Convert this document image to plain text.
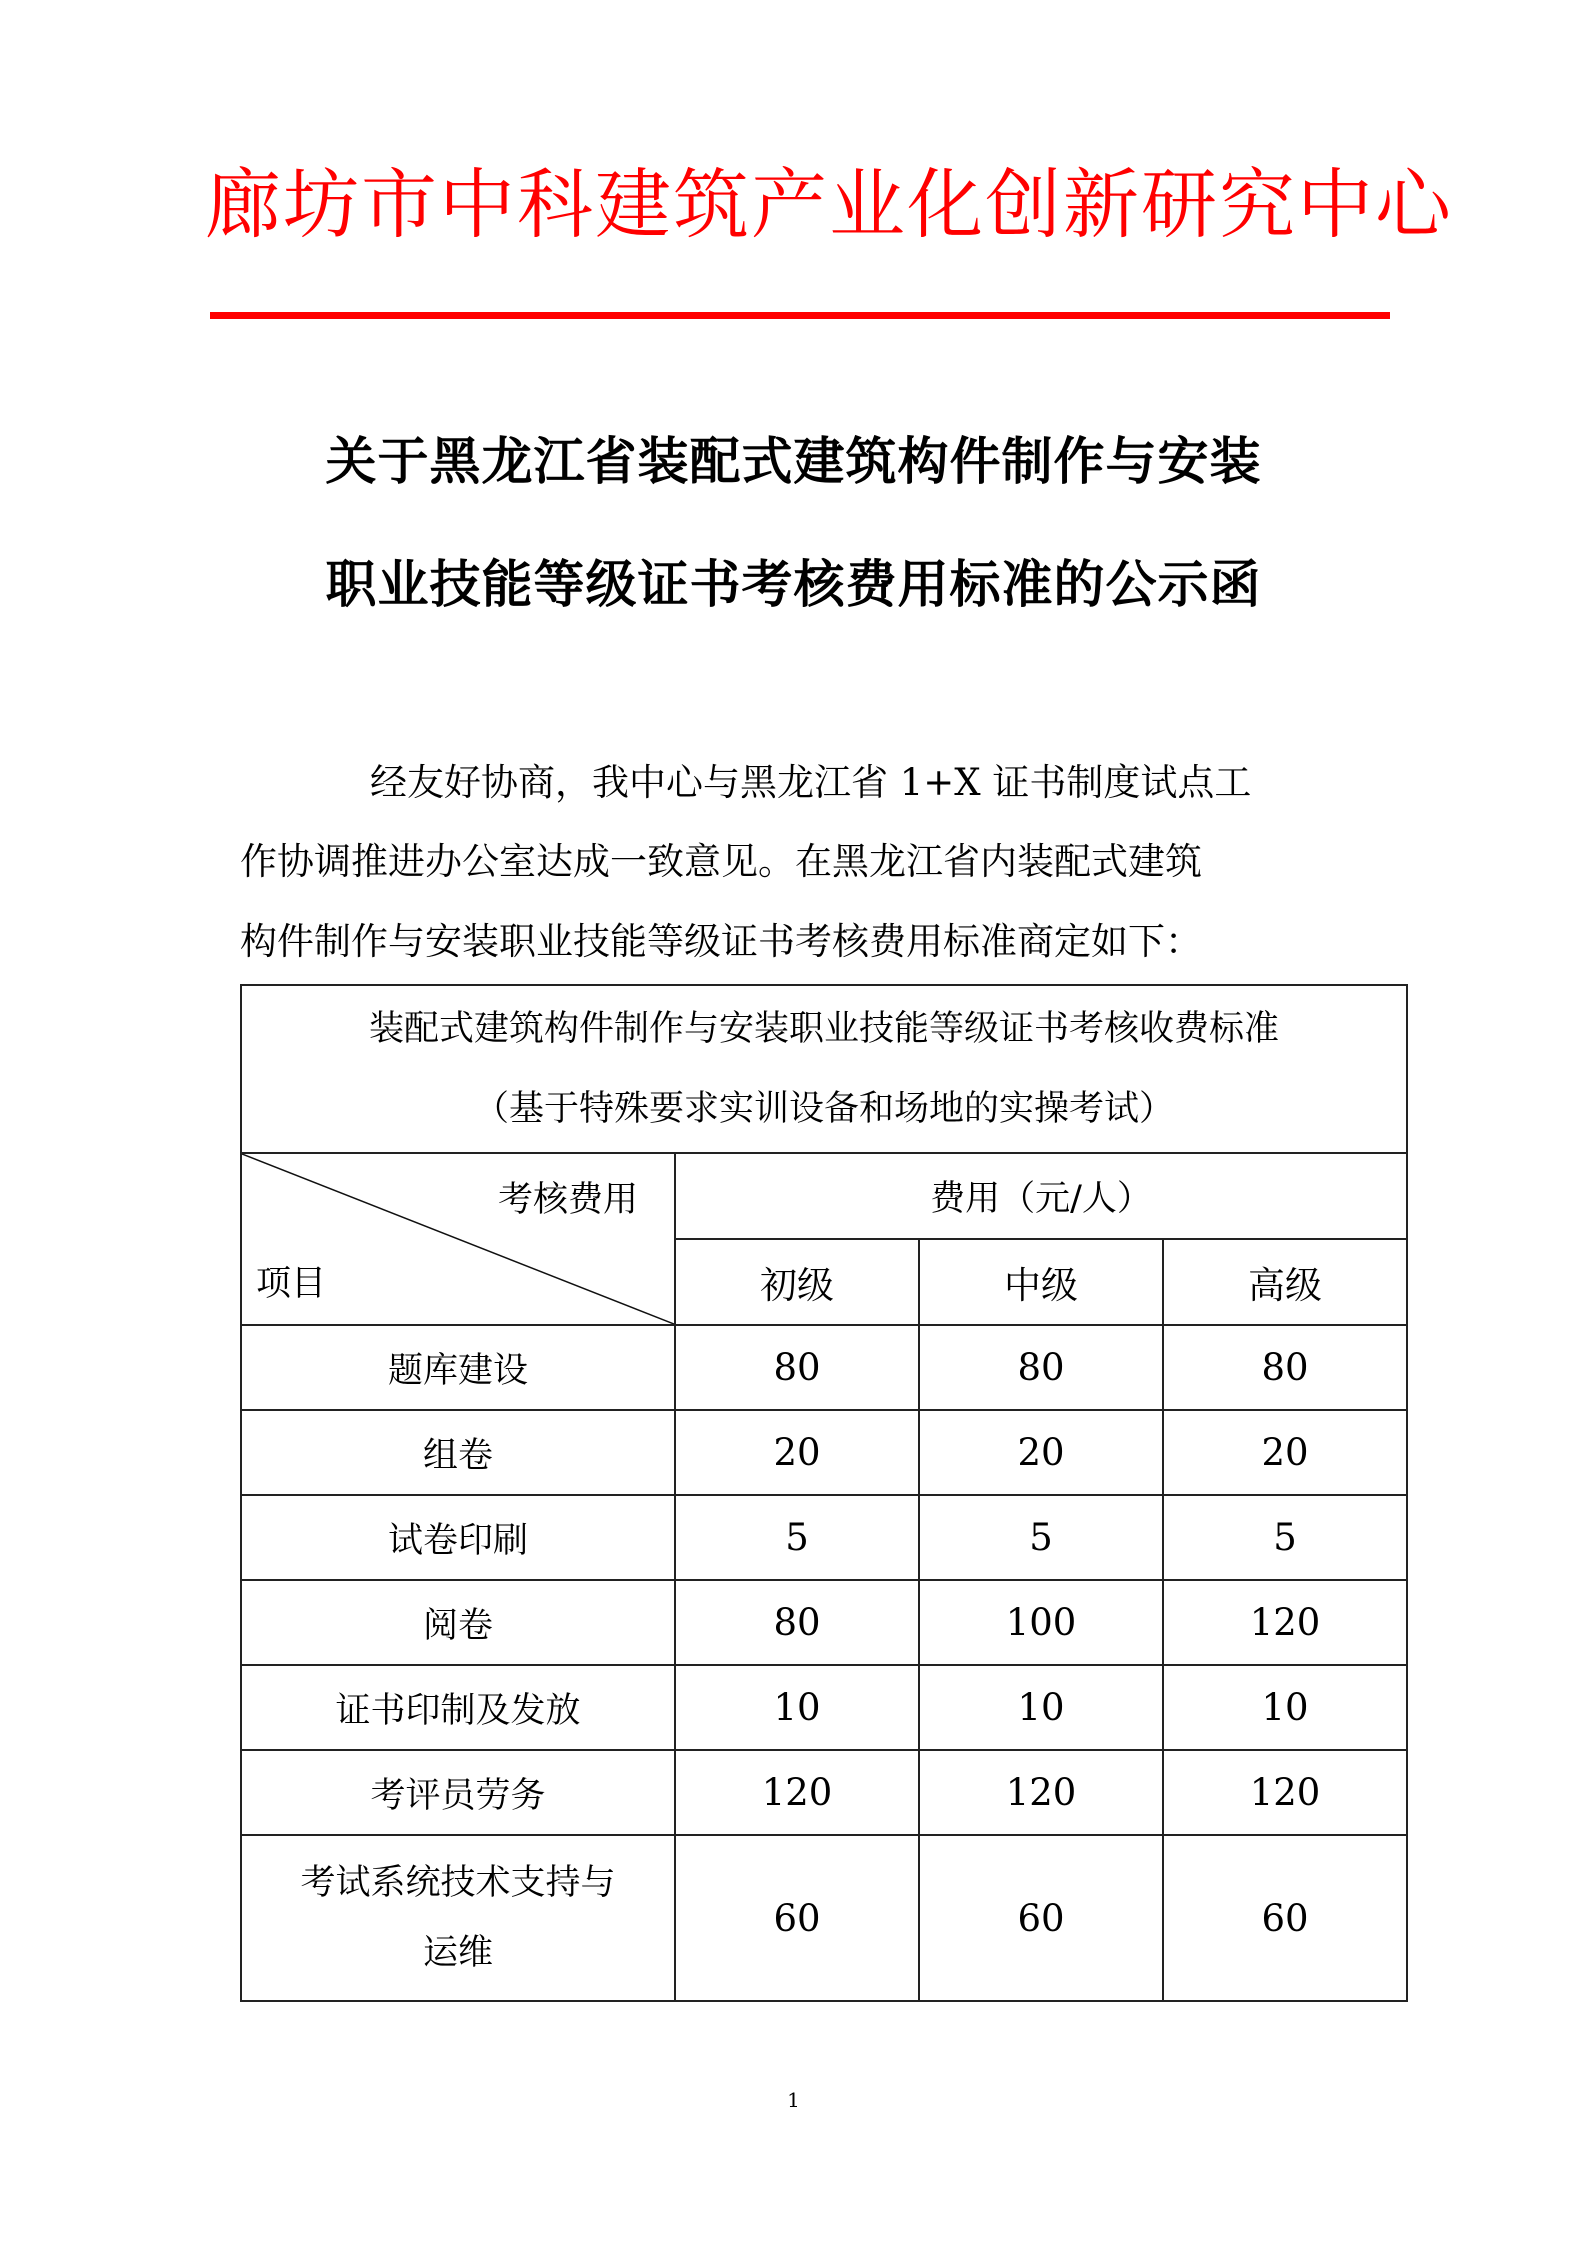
廊坊市中科建筑产业化创新研究中心
关于黑龙江省装配式建筑构件制作与安装
职业技能等级证书考核费用标准的公示函
经友好协商，我中心与黑龙江省 1+X 证书制度试点工
作协调推进办公室达成一致意见。在黑龙江省内装配式建筑
构件制作与安装职业技能等级证书考核费用标准商定如下：
装配式建筑构件制作与安装职业技能等级证书考核收费标准
（基于特殊要求实训设备和场地的实操考试）			

考核费用
项目	费用（元/人）		
	初级	中级	高级
题库建设	80	80	80
组卷	20	20	20
试卷印刷	5	5	5
阅卷	80	100	120
证书印制及发放	10	10	10
考评员劳务	120	120	120

考试系统技术支持与
运维	60	60	60
1
